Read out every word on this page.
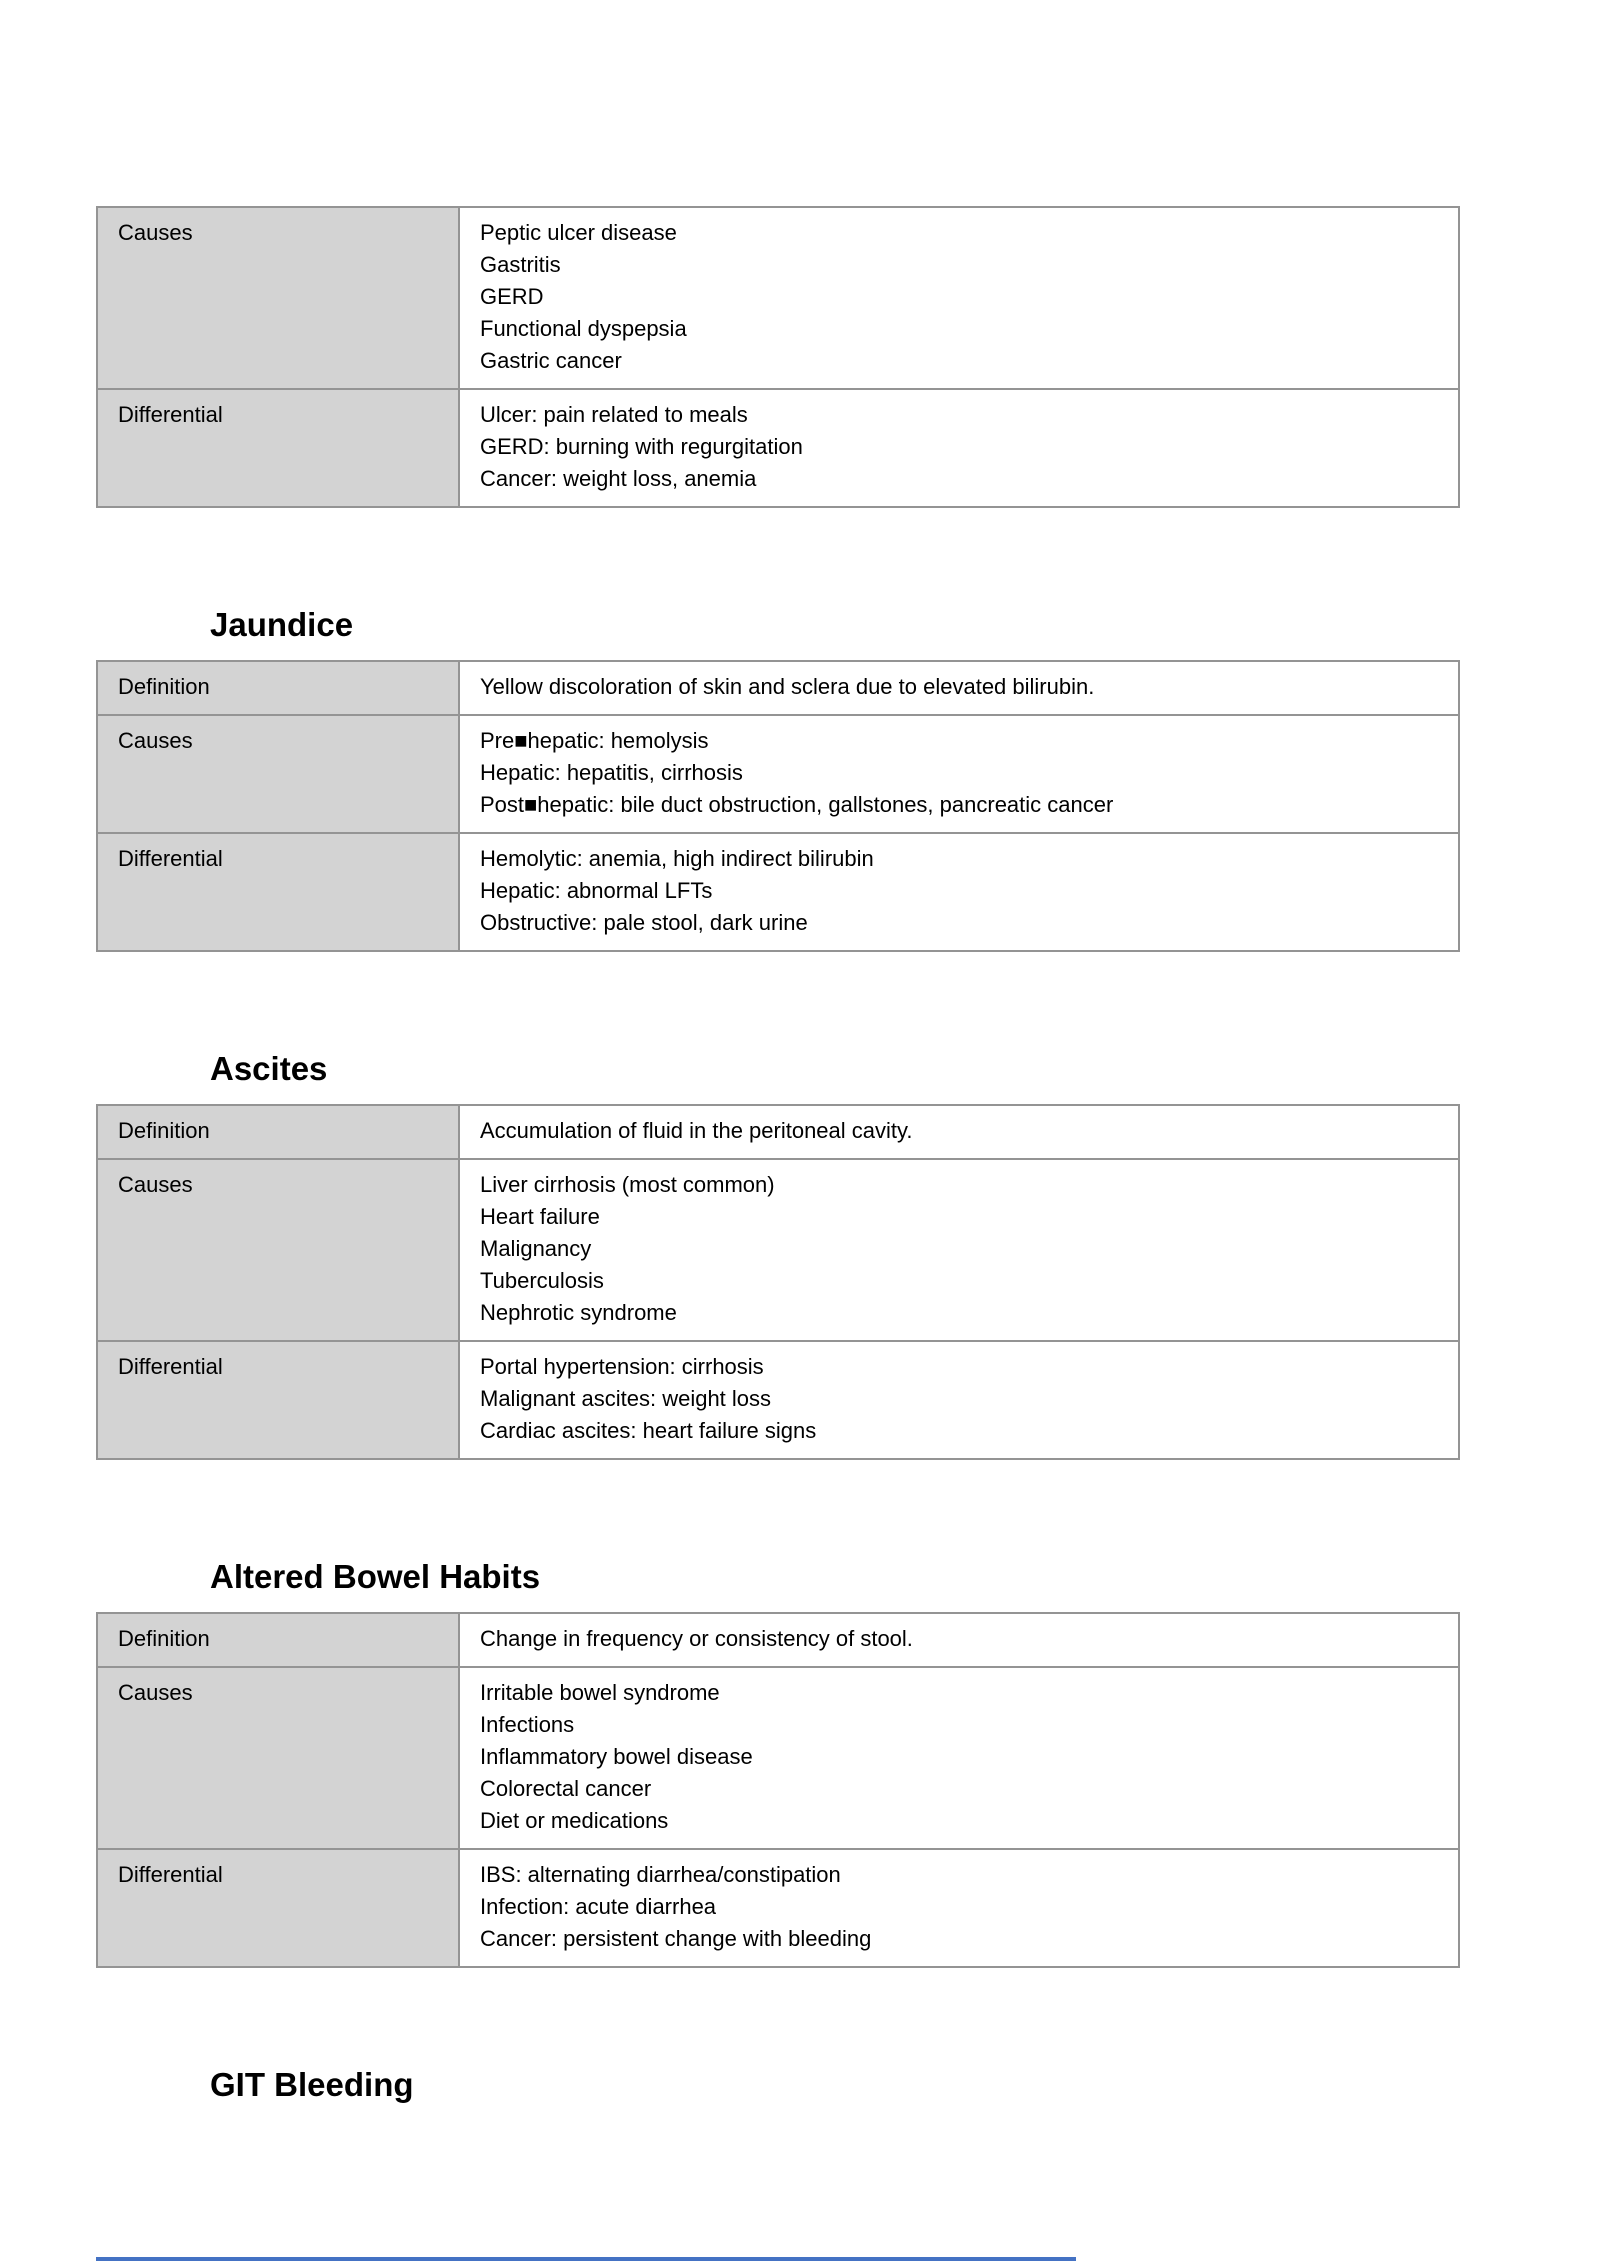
Causes	Peptic ulcer disease
Gastritis
GERD
Functional dyspepsia
Gastric cancer

Differential	Ulcer: pain related to meals
GERD: burning with regurgitation
Cancer: weight loss, anemia
Jaundice
Definition	Yellow discoloration of skin and sclera due to elevated bilirubin.

Causes	Pre■hepatic: hemolysis
Hepatic: hepatitis, cirrhosis
Post■hepatic: bile duct obstruction, gallstones, pancreatic cancer

Differential	Hemolytic: anemia, high indirect bilirubin
Hepatic: abnormal LFTs
Obstructive: pale stool, dark urine
Ascites
Definition	Accumulation of fluid in the peritoneal cavity.

Causes	Liver cirrhosis (most common)
Heart failure
Malignancy
Tuberculosis
Nephrotic syndrome

Differential	Portal hypertension: cirrhosis
Malignant ascites: weight loss
Cardiac ascites: heart failure signs
Altered Bowel Habits
Definition	Change in frequency or consistency of stool.

Causes	Irritable bowel syndrome
Infections
Inflammatory bowel disease
Colorectal cancer
Diet or medications

Differential	IBS: alternating diarrhea/constipation
Infection: acute diarrhea
Cancer: persistent change with bleeding
GIT Bleeding
